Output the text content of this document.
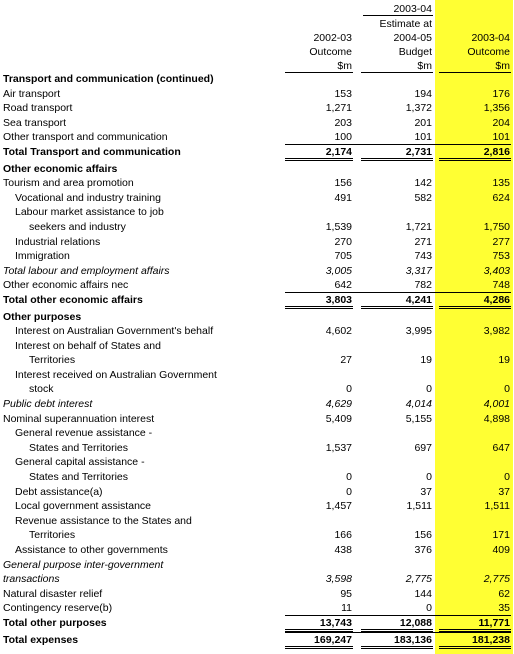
2003-04
Estimate at
2002-03	2004-05	2003-04
Outcome	Budget	Outcome
$m	$m	$m
Transport and communication (continued)
Air transport	153	194	176
Road transport	1,271	1,372	1,356
Sea transport	203	201	204
Other transport and communication	100	101	101
Total Transport and communication	2,174	2,731	2,816
Other economic affairs
Tourism and area promotion	156	142	135
Vocational and industry training	491	582	624
Labour market assistance to job
seekers and industry	1,539	1,721	1,750
Industrial relations	270	271	277
Immigration	705	743	753
Total labour and employment affairs	3,005	3,317	3,403
Other economic affairs nec	642	782	748
Total other economic affairs	3,803	4,241	4,286
Other purposes
Interest on Australian Government's behalf	4,602	3,995	3,982
Interest on behalf of States and
Territories	27	19	19
Interest received on Australian Government
stock	0	0	0
Public debt interest	4,629	4,014	4,001
Nominal superannuation interest	5,409	5,155	4,898
General revenue assistance -
States and Territories	1,537	697	647
General capital assistance -
States and Territories	0	0	0
Debt assistance(a)	0	37	37
Local government assistance	1,457	1,511	1,511
Revenue assistance to the States and
Territories	166	156	171
Assistance to other governments	438	376	409
General purpose inter-government
transactions	3,598	2,775	2,775
Natural disaster relief	95	144	62
Contingency reserve(b)	11	0	35
Total other purposes	13,743	12,088	11,771
Total expenses	169,247	183,136	181,238
